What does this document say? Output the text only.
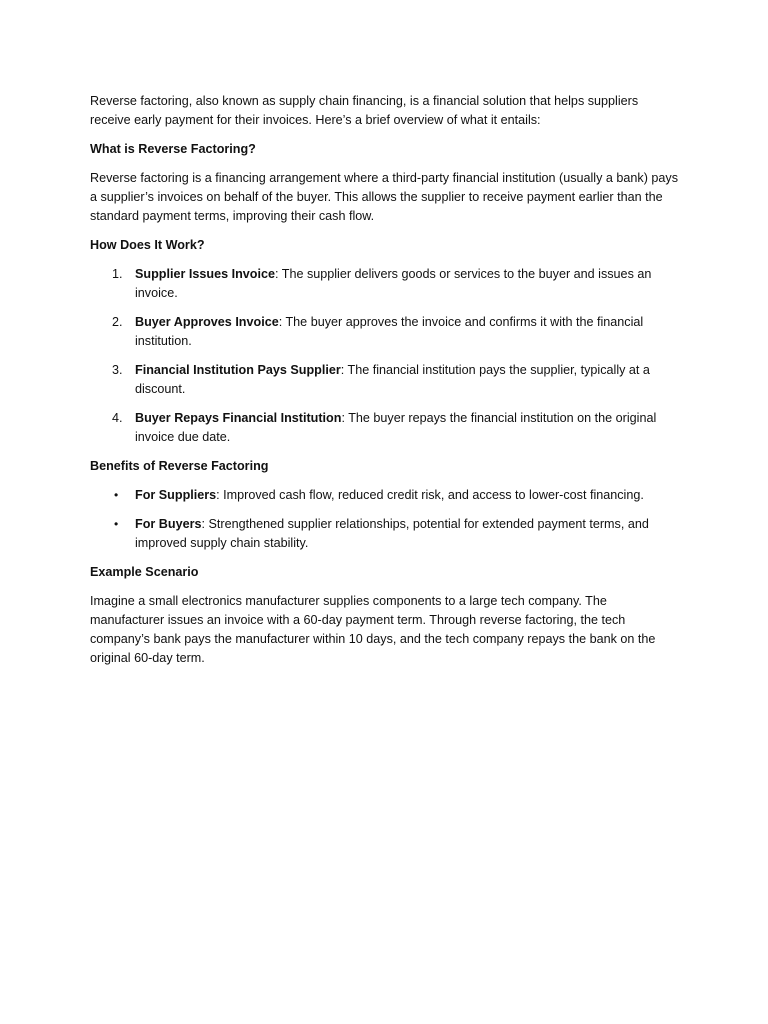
Reverse factoring, also known as supply chain financing, is a financial solution that helps suppliers receive early payment for their invoices. Here’s a brief overview of what it entails:

What is Reverse Factoring?

Reverse factoring is a financing arrangement where a third-party financial institution (usually a bank) pays a supplier’s invoices on behalf of the buyer. This allows the supplier to receive payment earlier than the standard payment terms, improving their cash flow.

How Does It Work?

1. Supplier Issues Invoice: The supplier delivers goods or services to the buyer and issues an invoice.
2. Buyer Approves Invoice: The buyer approves the invoice and confirms it with the financial institution.
3. Financial Institution Pays Supplier: The financial institution pays the supplier, typically at a discount.
4. Buyer Repays Financial Institution: The buyer repays the financial institution on the original invoice due date.

Benefits of Reverse Factoring

• For Suppliers: Improved cash flow, reduced credit risk, and access to lower-cost financing.
• For Buyers: Strengthened supplier relationships, potential for extended payment terms, and improved supply chain stability.

Example Scenario

Imagine a small electronics manufacturer supplies components to a large tech company. The manufacturer issues an invoice with a 60-day payment term. Through reverse factoring, the tech company’s bank pays the manufacturer within 10 days, and the tech company repays the bank on the original 60-day term.
